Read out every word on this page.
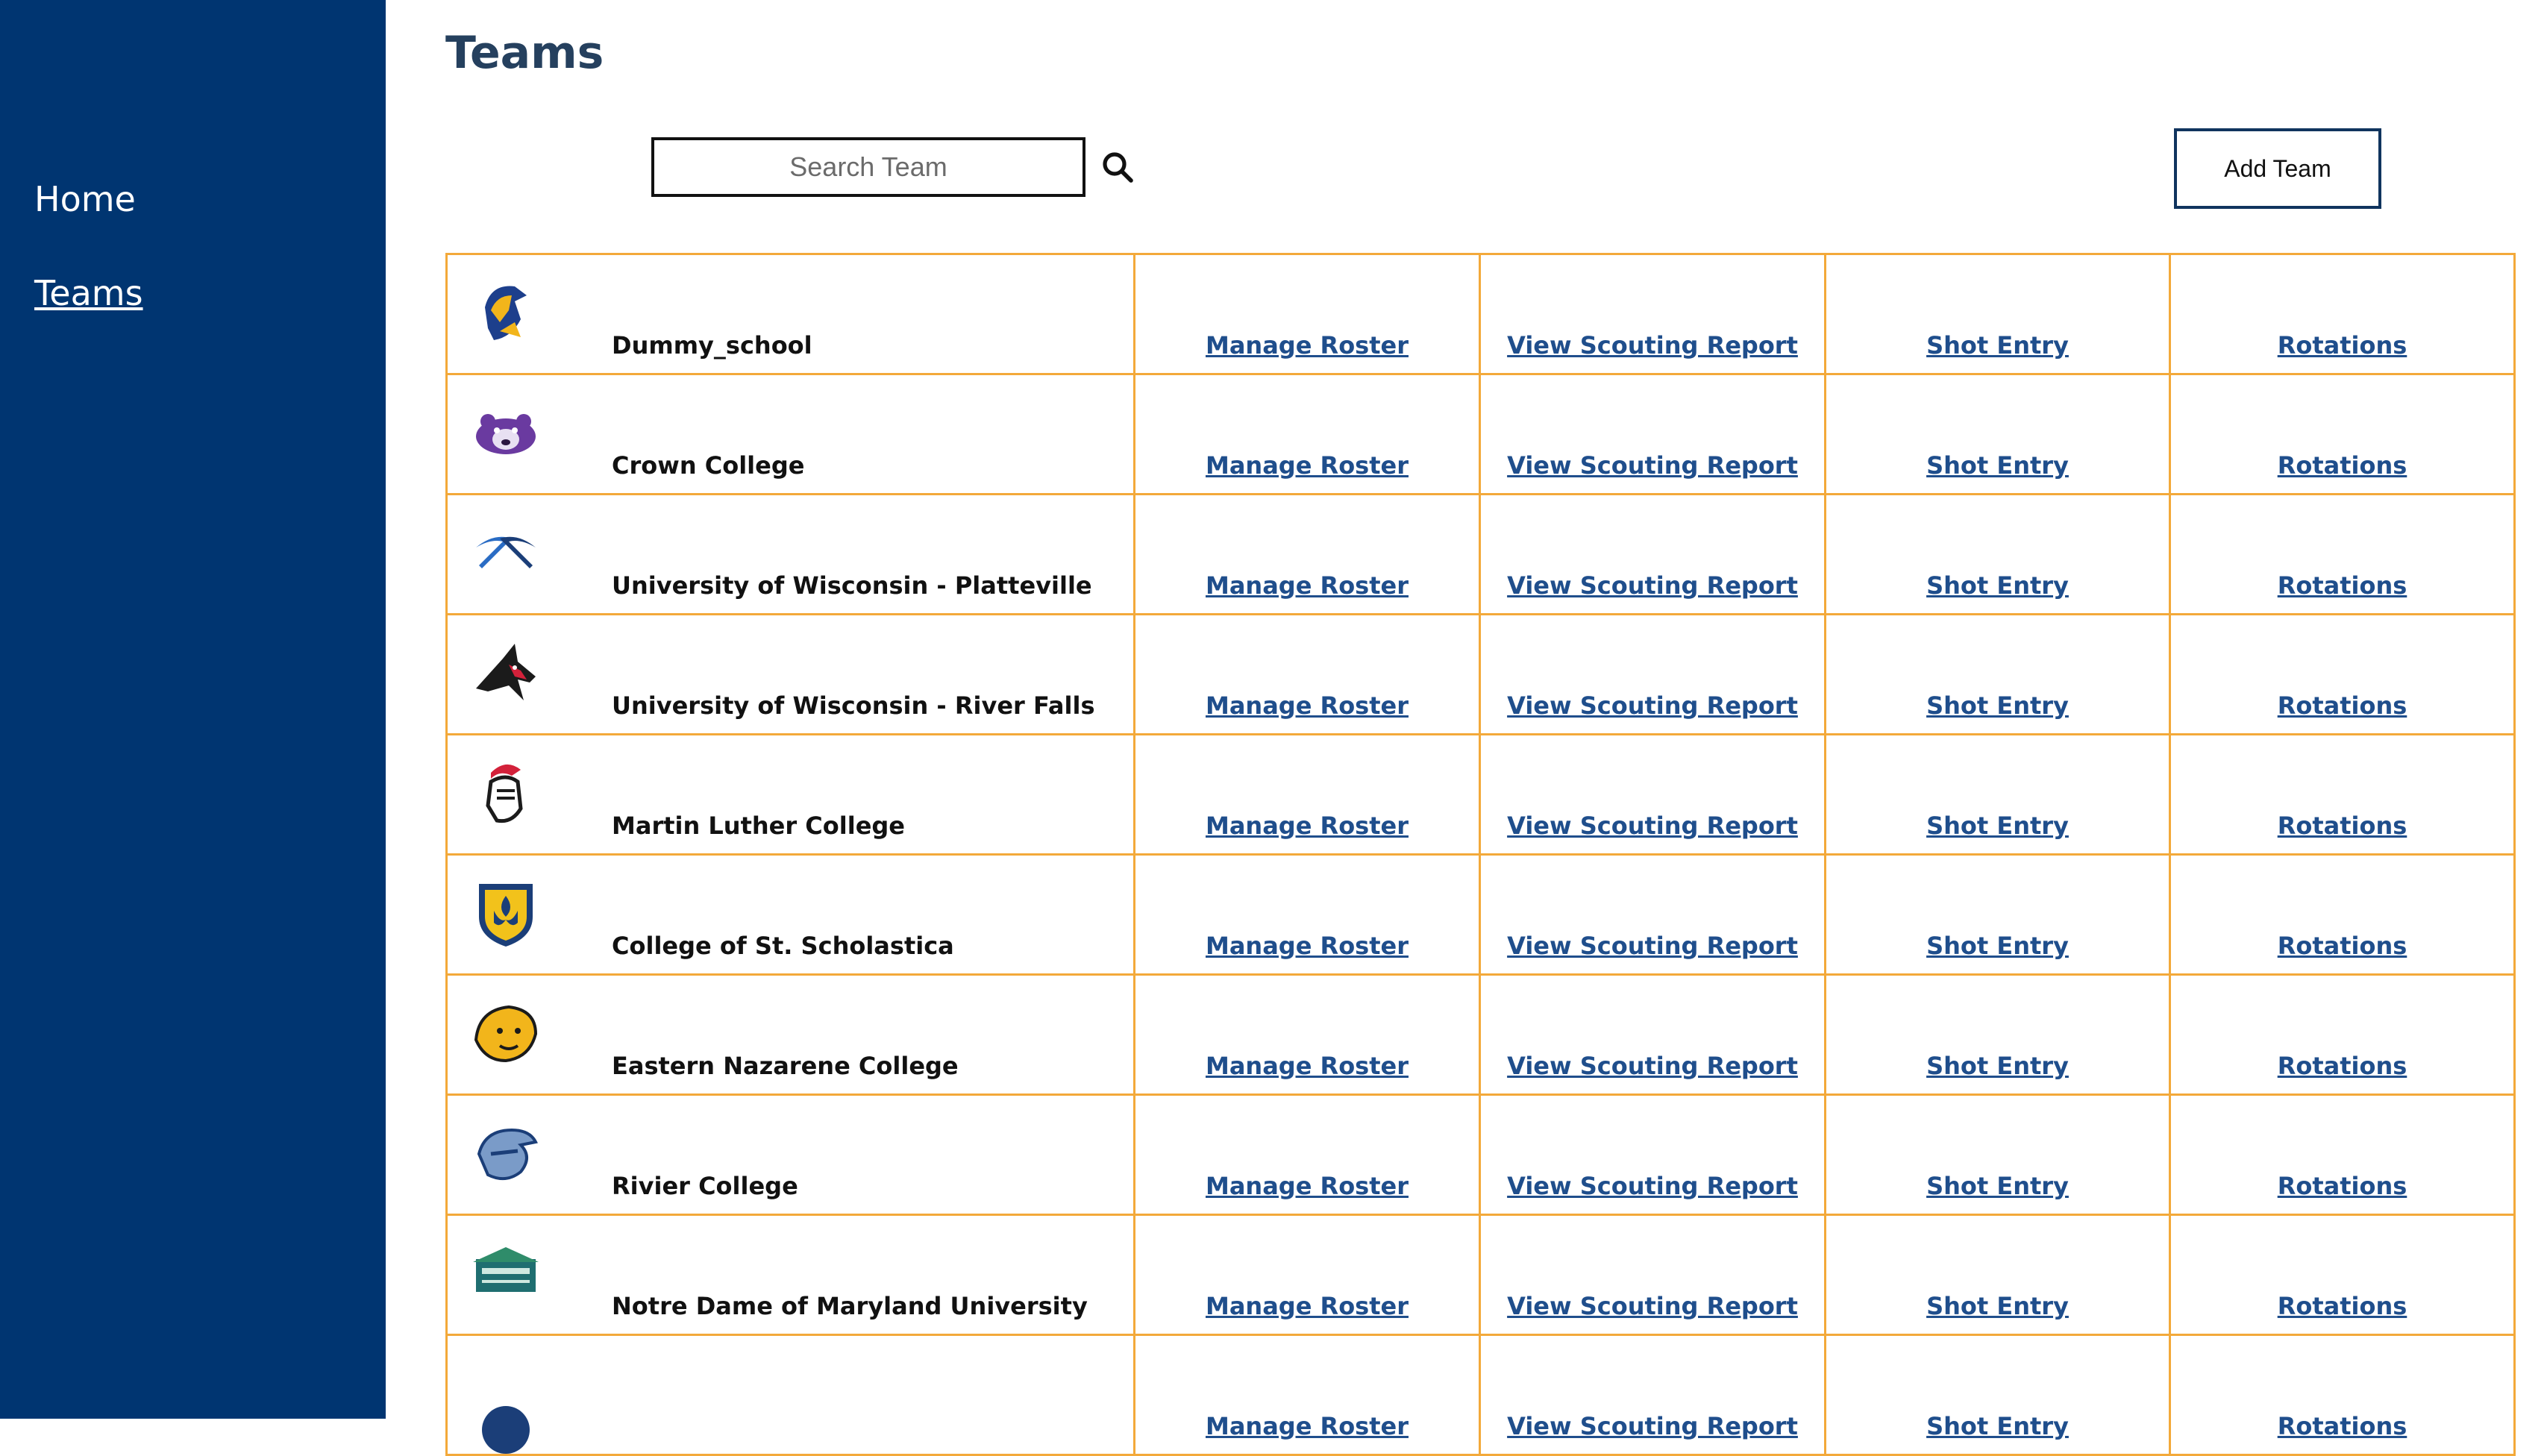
Home
Teams
Teams
Search Team
Add Team
Dummy_school	Manage Roster	View Scouting Report	Shot Entry	Rotations

Crown College	Manage Roster	View Scouting Report	Shot Entry	Rotations

University of Wisconsin - Platteville	Manage Roster	View Scouting Report	Shot Entry	Rotations

University of Wisconsin - River Falls	Manage Roster	View Scouting Report	Shot Entry	Rotations

Martin Luther College	Manage Roster	View Scouting Report	Shot Entry	Rotations

College of St. Scholastica	Manage Roster	View Scouting Report	Shot Entry	Rotations

Eastern Nazarene College	Manage Roster	View Scouting Report	Shot Entry	Rotations

Rivier College	Manage Roster	View Scouting Report	Shot Entry	Rotations

Notre Dame of Maryland University	Manage Roster	View Scouting Report	Shot Entry	Rotations

	Manage Roster	View Scouting Report	Shot Entry	Rotations
